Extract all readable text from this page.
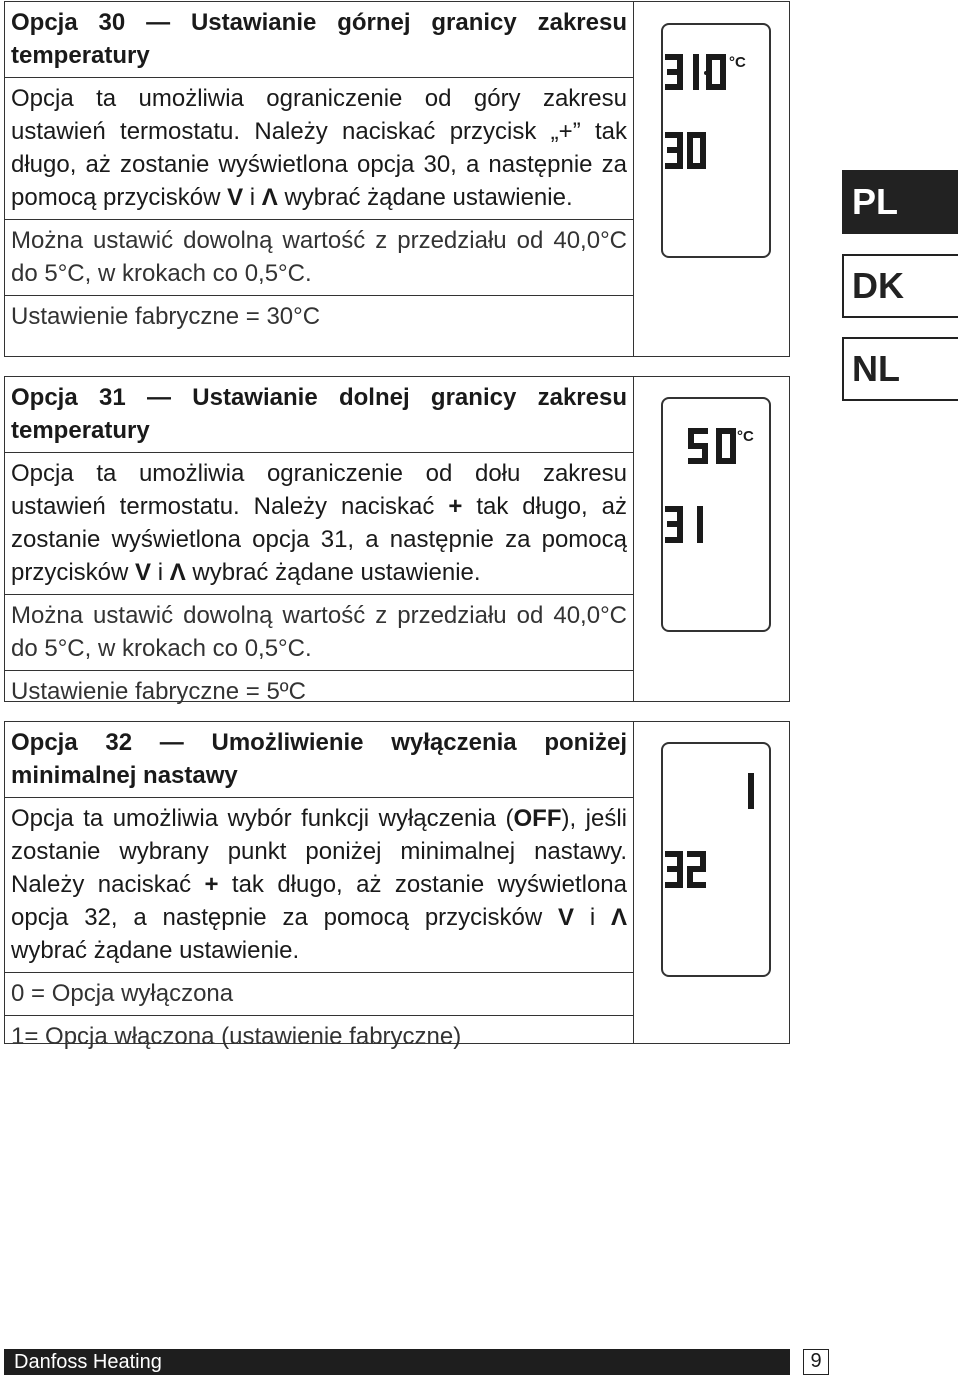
Opcja 30 — Ustawianie górnej granicy zakresu temperatury
Opcja ta umożliwia ograniczenie od góry zakresu ustawień termostatu. Należy naciskać przycisk „+” tak długo, aż zostanie wyświetlona opcja 30, a następnie za pomocą przycisków V i Λ wybrać żądane ustawienie.
Można ustawić dowolną wartość z przedziału od 40,0°C do 5°C, w krokach co 0,5°C.
Ustawienie fabryczne = 30°C
°C
Opcja 31 — Ustawianie dolnej granicy zakresu temperatury
Opcja ta umożliwia ograniczenie od dołu zakresu ustawień termostatu. Należy naciskać + tak długo, aż zostanie wyświetlona opcja 31, a następnie za pomocą przycisków V i Λ wybrać żądane ustawienie.
Można ustawić dowolną wartość z przedziału od 40,0°C do 5°C, w krokach co 0,5°C.
Ustawienie fabryczne = 5ºC
°C
Opcja 32 — Umożliwienie wyłączenia poniżej minimalnej nastawy
Opcja ta umożliwia wybór funkcji wyłączenia (OFF), jeśli zostanie wybrany punkt poniżej minimalnej nastawy. Należy naciskać + tak długo, aż zostanie wyświetlona opcja 32, a następnie za pomocą przycisków V i Λ wybrać żądane ustawienie.
0 = Opcja wyłączona
1= Opcja włączona (ustawienie fabryczne)
PL
DK
NL
Danfoss Heating	9
